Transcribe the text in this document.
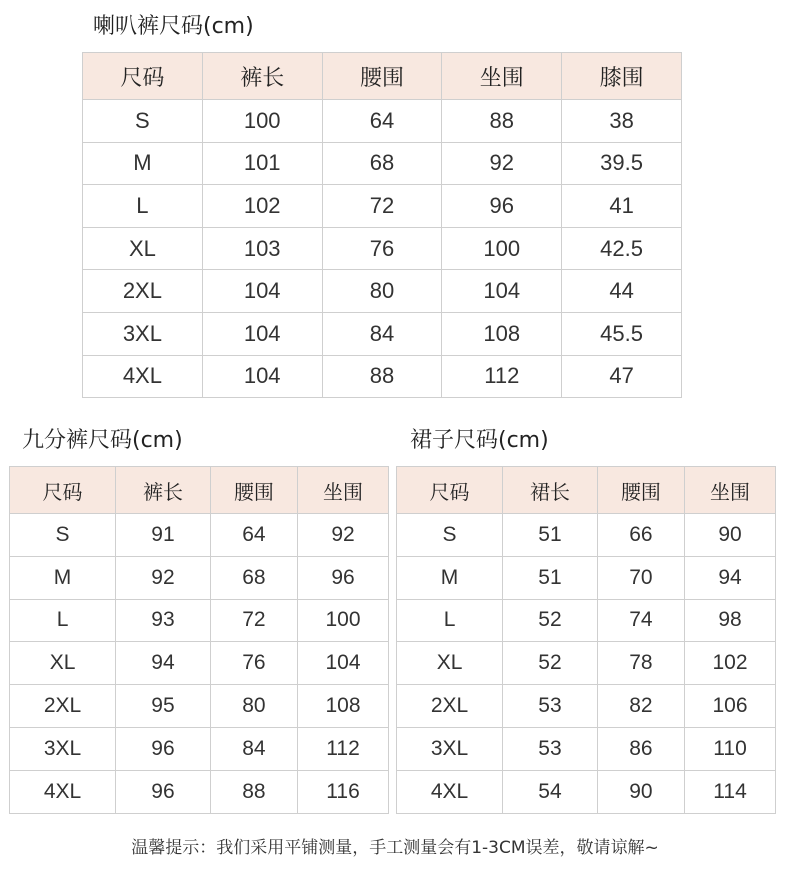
喇叭裤尺码(cm)
尺码	裤长	腰围	坐围	膝围
S	100	64	88	38
M	101	68	92	39.5
L	102	72	96	41
XL	103	76	100	42.5
2XL	104	80	104	44
3XL	104	84	108	45.5
4XL	104	88	112	47
九分裤尺码(cm)
尺码	裤长	腰围	坐围
S	91	64	92
M	92	68	96
L	93	72	100
XL	94	76	104
2XL	95	80	108
3XL	96	84	112
4XL	96	88	116
裙子尺码(cm)
尺码	裙长	腰围	坐围
S	51	66	90
M	51	70	94
L	52	74	98
XL	52	78	102
2XL	53	82	106
3XL	53	86	110
4XL	54	90	114
温馨提示：我们采用平铺测量，手工测量会有1-3CM误差，敬请谅解~
